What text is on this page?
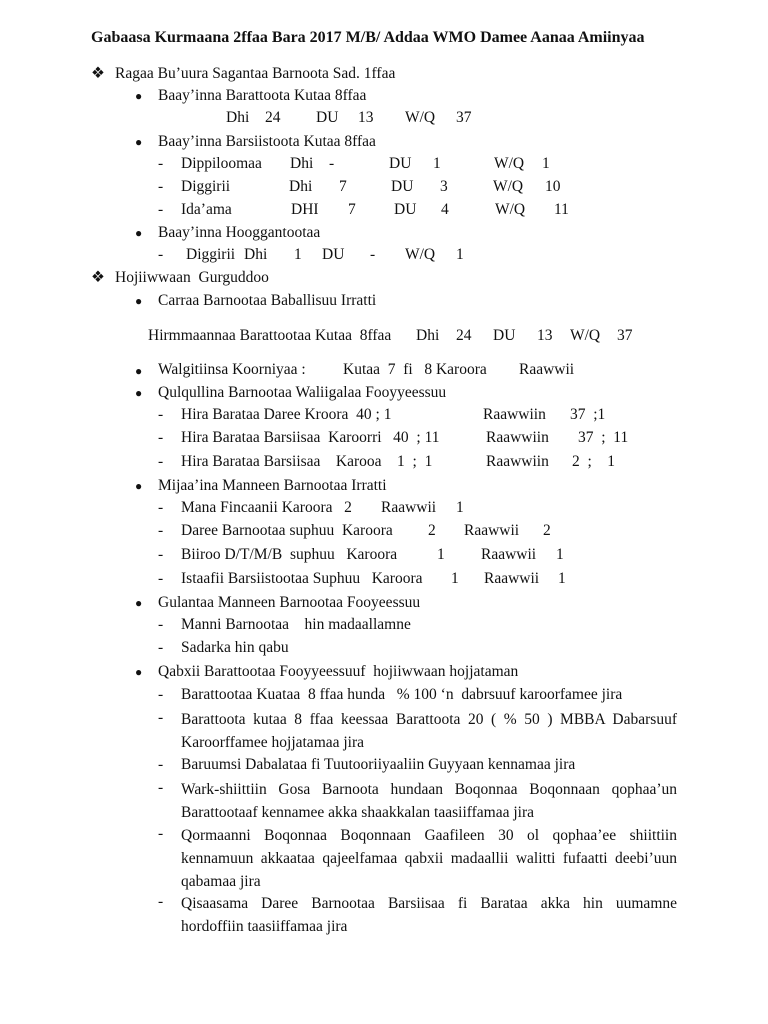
Gabaasa Kurmaana 2ffaa Bara 2017 M/B/ Addaa WMO Damee Aanaa Amiinyaa
❖ Ragaa Bu’uura Sagantaa Barnoota Sad. 1ffaa
● Baay’inna Barattoota Kutaa 8ffaa
Dhi 24 DU 13 W/Q 37
● Baay’inna Barsiistoota Kutaa 8ffaa
- Dippiloomaa Dhi -	DU 1	W/Q 1
- Diggirii	Dhi 7	DU 3	W/Q 10
- Ida’ama	DHI 7 DU 4	W/Q 11
● Baay’inna Hooggantootaa
- Diggirii Dhi 1 DU - W/Q 1
❖ Hojiiwwaan  Gurguddoo
● Carraa Barnootaa Baballisuu Irratti
Hirmmaannaa Barattootaa Kutaa  8ffaa Dhi 24 DU 13 W/Q 37
● Walgitiinsa Koorniyaa : Kutaa  7  fi   8 Karoora Raawwii
● Qulqullina Barnootaa Waliigalaa Fooyyeessuu
- Hira Barataa Daree Kroora  40 ; 1	Raawwiin 37  ;1
- Hira Barataa Barsiisaa  Karoorri   40  ; 11	Raawwiin 37  ;  11
- Hira Barataa Barsiisaa    Karooa    1  ;  1	Raawwiin 2  ;    1
● Mijaa’ina Manneen Barnootaa Irratti
- Mana Fincaanii Karoora   2 Raawwii 1
- Daree Barnootaa suphuu  Karoora 2 Raawwii 2
- Biiroo D/T/M/B  suphuu   Karoora	1 Raawwii 1
- Istaafii Barsiistootaa Suphuu   Karoora 1 Raawwii 1
● Gulantaa Manneen Barnootaa Fooyeessuu
- Manni Barnootaa    hin madaallamne
- Sadarka hin qabu
● Qabxii Barattootaa Fooyyeessuuf  hojiiwwaan hojjataman
- Barattootaa Kuataa  8 ffaa hunda   % 100 ‘n  dabrsuuf karoorfamee jira
- Barattoota kutaa 8 ffaa keessaa Barattoota 20 ( % 50 ) MBBA Dabarsuuf
Karoorffamee hojjatamaa jira
- Baruumsi Dabalataa fi Tuutooriiyaaliin Guyyaan kennamaa jira
- Wark-shiittiin Gosa Barnoota hundaan Boqonnaa Boqonnaan qophaa’un
Barattootaaf kennamee akka shaakkalan taasiiffamaa jira
- Qormaanni Boqonnaa Boqonnaan Gaafileen 30 ol qophaa’ee shiittiin
kennamuun akkaataa qajeelfamaa qabxii madaallii walitti fufaatti deebi’uun
qabamaa jira
- Qisaasama Daree Barnootaa Barsiisaa fi Barataa akka hin uumamne
hordoffiin taasiiffamaa jira
